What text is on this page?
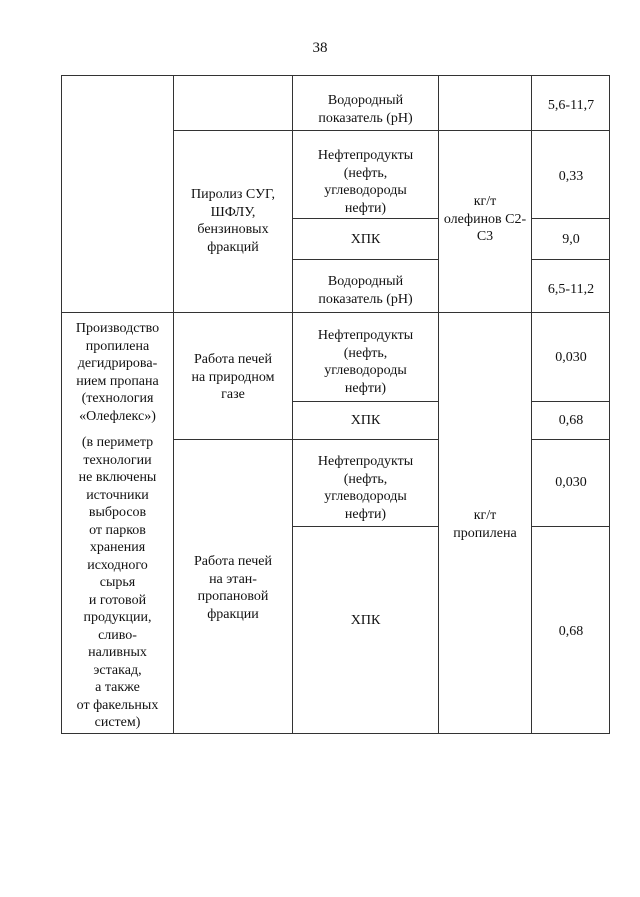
38
Производство
пропилена
дегидрирова-
нием пропана
(технология
«Олефлекс»)
(в периметр
технологии
не включены
источники
выбросов
от парков
хранения
исходного
сырья
и готовой
продукции,
сливо-
наливных
эстакад,
а также
от факельных
систем)
Пиролиз СУГ,
ШФЛУ,
бензиновых
фракций
Работа печей
на природном
газе
Работа печей
на этан-
пропановой
фракции
Водородный
показатель (рН)
Нефтепродукты
(нефть,
углеводороды
нефти)
ХПК
Водородный
показатель (рН)
Нефтепродукты
(нефть,
углеводороды
нефти)
ХПК
Нефтепродукты
(нефть,
углеводороды
нефти)
ХПК
кг/т
олефинов С2-
С3
кг/т
пропилена
5,6-11,7
0,33
9,0
6,5-11,2
0,030
0,68
0,030
0,68
